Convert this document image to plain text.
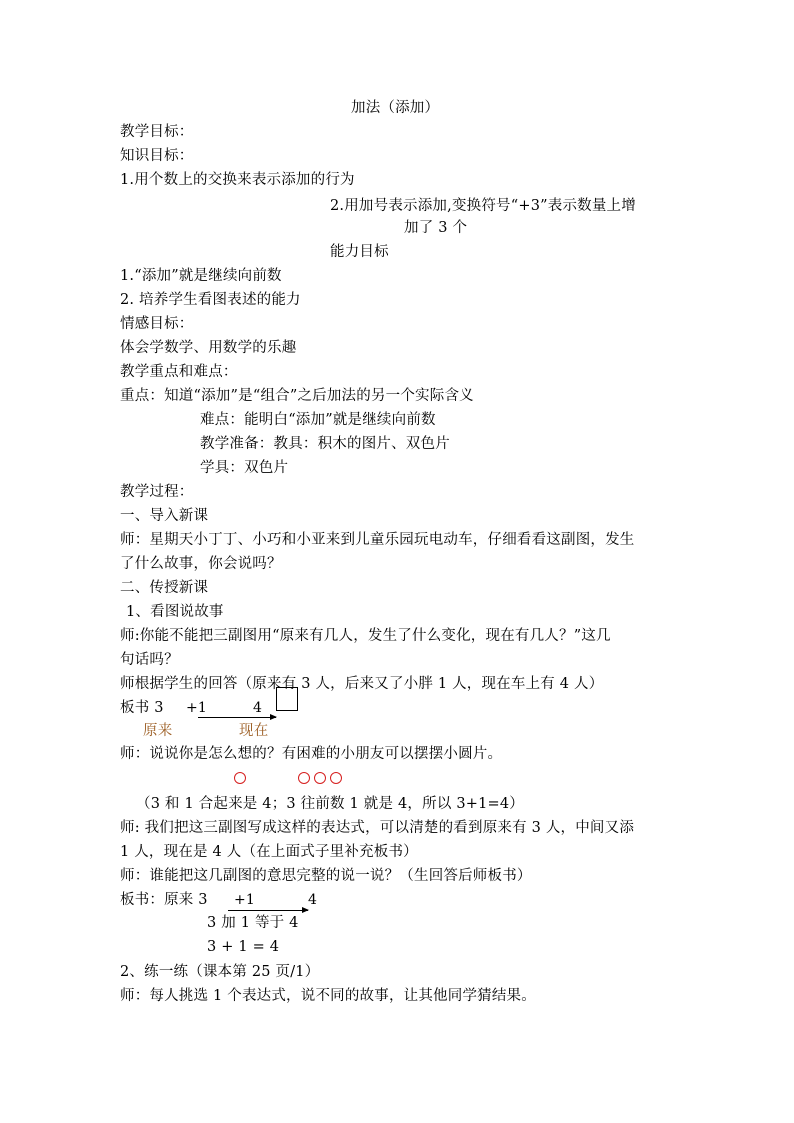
加法（添加）
教学目标：
知识目标：
1.用个数上的交换来表示添加的行为
2.用加号表示添加,变换符号“+3”表示数量上增
加了 3 个
能力目标
1.“添加”就是继续向前数
2. 培养学生看图表述的能力
情感目标：
体会学数学、用数学的乐趣
教学重点和难点：
重点：知道“添加”是“组合”之后加法的另一个实际含义
难点：能明白“添加”就是继续向前数
教学准备：教具：积木的图片、双色片
学具：双色片
教学过程：
一、导入新课
师：星期天小丁丁、小巧和小亚来到儿童乐园玩电动车，仔细看看这副图，发生
了什么故事，你会说吗？
二、传授新课
1、看图说故事
师:你能不能把三副图用“原来有几人，发生了什么变化，现在有几人？”这几
句话吗？
师根据学生的回答（原来有 3 人，后来又了小胖 1 人，现在车上有 4 人）
板书 3 +1	4
原来	现在
师：说说你是怎么想的？有困难的小朋友可以摆摆小圆片。
（3 和 1 合起来是 4；3 往前数 1 就是 4，所以 3+1=4）
师: 我们把这三副图写成这样的表达式，可以清楚的看到原来有 3 人，中间又添
1 人，现在是 4 人（在上面式子里补充板书）
师：谁能把这几副图的意思完整的说一说？（生回答后师板书）
板书：原来 3 +1	4
3 加 1 等于 4
3 + 1 = 4
2、练一练（课本第 25 页/1）
师：每人挑选 1 个表达式，说不同的故事，让其他同学猜结果。
